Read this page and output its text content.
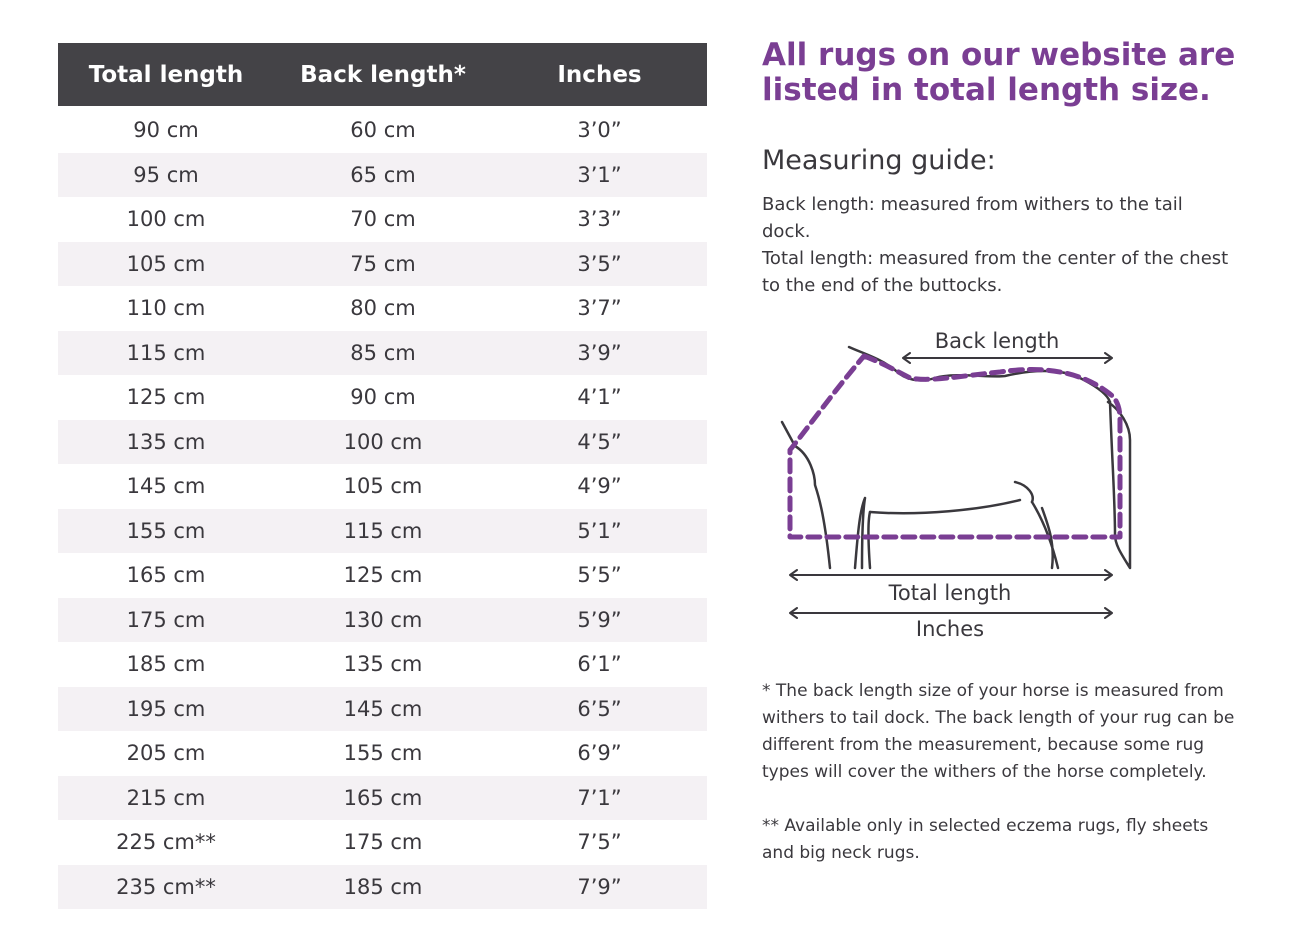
Total length	Back length*	Inches
90 cm	60 cm	3’0”
95 cm	65 cm	3’1”
100 cm	70 cm	3’3”
105 cm	75 cm	3’5”
110 cm	80 cm	3’7”
115 cm	85 cm	3’9”
125 cm	90 cm	4’1”
135 cm	100 cm	4’5”
145 cm	105 cm	4’9”
155 cm	115 cm	5’1”
165 cm	125 cm	5’5”
175 cm	130 cm	5’9”
185 cm	135 cm	6’1”
195 cm	145 cm	6’5”
205 cm	155 cm	6’9”
215 cm	165 cm	7’1”
225 cm**	175 cm	7’5”
235 cm**	185 cm	7’9”
All rugs on our website are listed in total length size.
Measuring guide:

Back length: measured from withers to the tail dock.

Total length: measured from the center of the chest to the end of the buttocks.

Back length
Total length
Inches

* The back length size of your horse is measured from withers to tail dock. The back length of your rug can be different from the measurement, because some rug types will cover the withers of the horse completely.

** Available only in selected eczema rugs, fly sheets and big neck rugs.
